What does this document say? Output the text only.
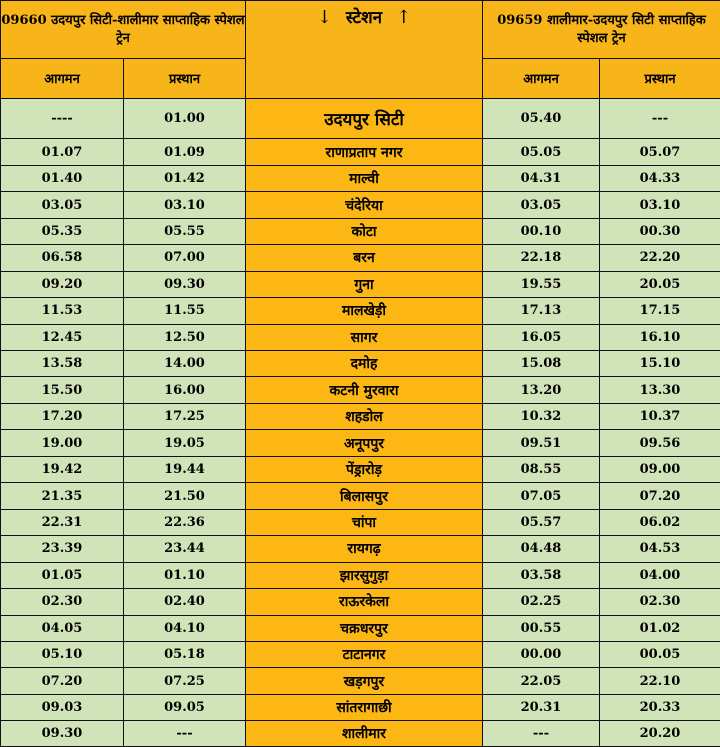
09660 उदयपुर सिटी-शालीमार साप्ताहिक स्पेशल ट्रेन		↓ स्टेशन ↑	09659 शालीमार-उदयपुर सिटी साप्ताहिक स्पेशल ट्रेन	
आगमन	प्रस्थान		आगमन	प्रस्थान
----	01.00	उदयपुर सिटी	05.40	---
01.07	01.09	राणाप्रताप नगर	05.05	05.07
01.40	01.42	माल्वी	04.31	04.33
03.05	03.10	चंदेरिया	03.05	03.10
05.35	05.55	कोटा	00.10	00.30
06.58	07.00	बरन	22.18	22.20
09.20	09.30	गुना	19.55	20.05
11.53	11.55	मालखेड़ी	17.13	17.15
12.45	12.50	सागर	16.05	16.10
13.58	14.00	दमोह	15.08	15.10
15.50	16.00	कटनी मुरवारा	13.20	13.30
17.20	17.25	शहडोल	10.32	10.37
19.00	19.05	अनूपपुर	09.51	09.56
19.42	19.44	पेंड्रारोड़	08.55	09.00
21.35	21.50	बिलासपुर	07.05	07.20
22.31	22.36	चांपा	05.57	06.02
23.39	23.44	रायगढ़	04.48	04.53
01.05	01.10	झारसुगुड़ा	03.58	04.00
02.30	02.40	राऊरकेला	02.25	02.30
04.05	04.10	चक्रधरपुर	00.55	01.02
05.10	05.18	टाटानगर	00.00	00.05
07.20	07.25	खड़गपुर	22.05	22.10
09.03	09.05	सांतरागाछी	20.31	20.33
09.30	---	शालीमार	---	20.20
